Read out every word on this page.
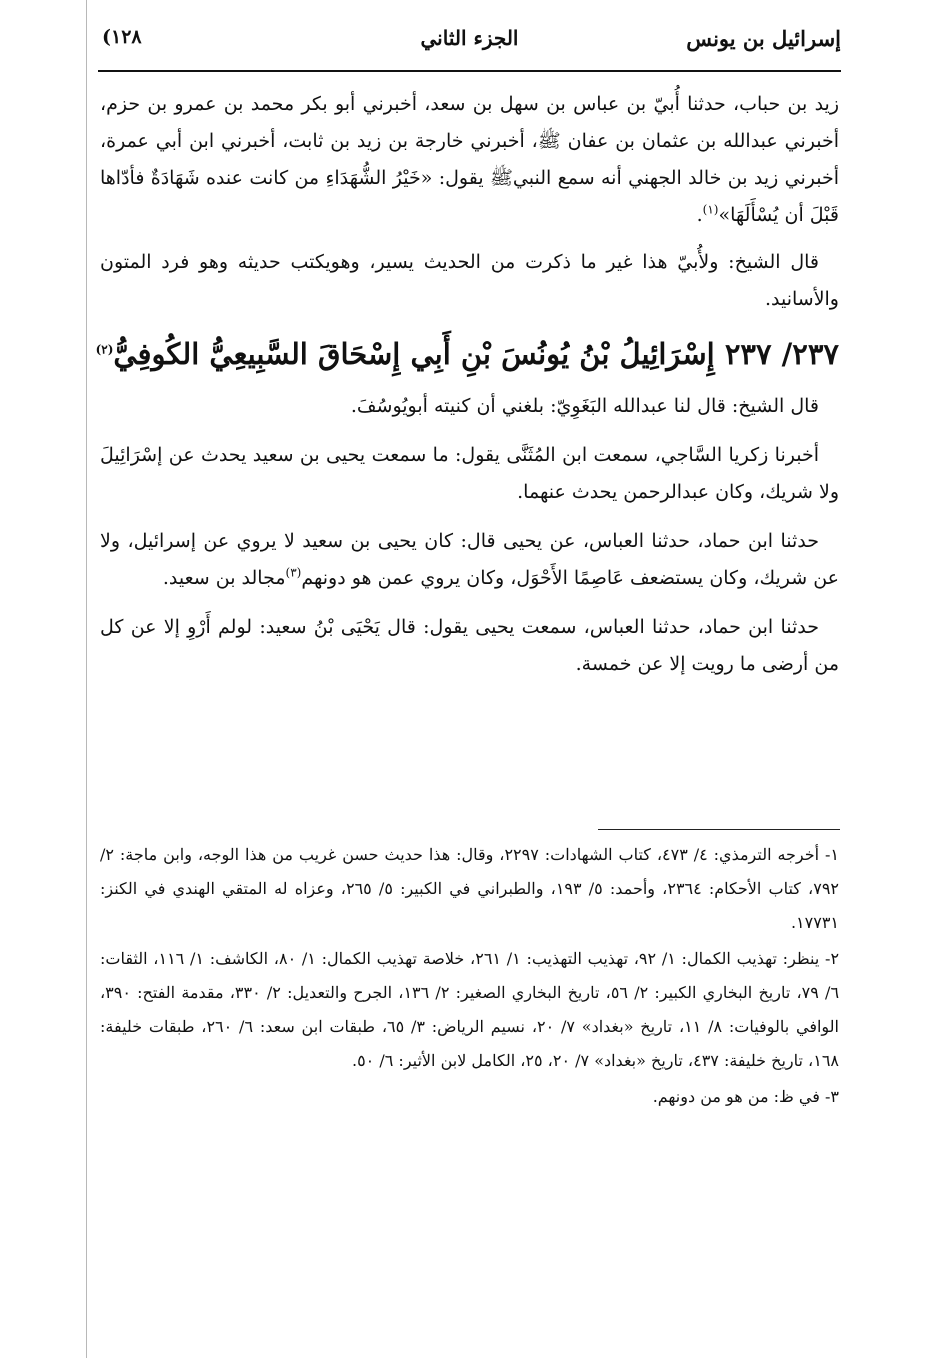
(١٢٨	الجزء الثاني	إسرائيل بن يونس

زيد بن حباب، حدثنا أُبيّ بن عباس بن سهل بن سعد، أخبرني أبو بكر محمد بن عمرو بن حزم، أخبرني عبدالله بن عثمان بن عفان ﷺ، أخبرني خارجة بن زيد بن ثابت، أخبرني ابن أبي عمرة، أخبرني زيد بن خالد الجهني أنه سمع النبيﷺ يقول: «خَيْرُ الشُّهَدَاءِ من كانت عنده شَهَادَةٌ فأدّاها قَبْلَ أن يُسْأَلَهَا»$^{(١)}$.

قال الشيخ: ولأُبيّ هذا غير ما ذكرت من الحديث يسير، وهويكتب حديثه وهو فرد المتون والأسانيد.

٢٣٧/ ٢٣٧ إِسْرَائِيلُ بْنُ يُونُسَ بْنِ أَبِي إِسْحَاقَ السَّبِيعِيُّ الكُوفِيُّ$^{(٢)}$

قال الشيخ: قال لنا عبدالله البَغَوِيّ: بلغني أن كنيته أبويُوسُفَ.

أخبرنا زكريا السَّاجي، سمعت ابن المُثَنَّى يقول: ما سمعت يحيى بن سعيد يحدث عن إسْرَائِيلَ ولا شريك، وكان عبدالرحمن يحدث عنهما.

حدثنا ابن حماد، حدثنا العباس، عن يحيى قال: كان يحيى بن سعيد لا يروي عن إسرائيل، ولا عن شريك، وكان يستضعف عَاصِمًا الأَحْوَل، وكان يروي عمن هو دونهم$^{(٣)}$مجالد بن سعيد.

حدثنا ابن حماد، حدثنا العباس، سمعت يحيى يقول: قال يَحْيَى بْنُ سعيد: لولم أَرْوِ إلا عن كل من أرضى ما رويت إلا عن خمسة.

١- أخرجه الترمذي: ٤/ ٤٧٣، كتاب الشهادات: ٢٢٩٧، وقال: هذا حديث حسن غريب من هذا الوجه، وابن ماجة: ٢/ ٧٩٢، كتاب الأحكام: ٢٣٦٤، وأحمد: ٥/ ١٩٣، والطبراني في الكبير: ٥/ ٢٦٥، وعزاه له المتقي الهندي في الكنز: ١٧٧٣١.

٢- ينظر: تهذيب الكمال: ١/ ٩٢، تهذيب التهذيب: ١/ ٢٦١، خلاصة تهذيب الكمال: ١/ ٨٠، الكاشف: ١/ ١١٦، الثقات: ٦/ ٧٩، تاريخ البخاري الكبير: ٢/ ٥٦، تاريخ البخاري الصغير: ٢/ ١٣٦، الجرح والتعديل: ٢/ ٣٣٠، مقدمة الفتح: ٣٩٠، الوافي بالوفيات: ٨/ ١١، تاريخ «بغداد» ٧/ ٢٠، نسيم الرياض: ٣/ ٦٥، طبقات ابن سعد: ٦/ ٢٦٠، طبقات خليفة: ١٦٨، تاريخ خليفة: ٤٣٧، تاريخ «بغداد» ٧/ ٢٠، ٢٥، الكامل لابن الأثير: ٦/ ٥٠.

٣- في ظ: من هو من دونهم.
